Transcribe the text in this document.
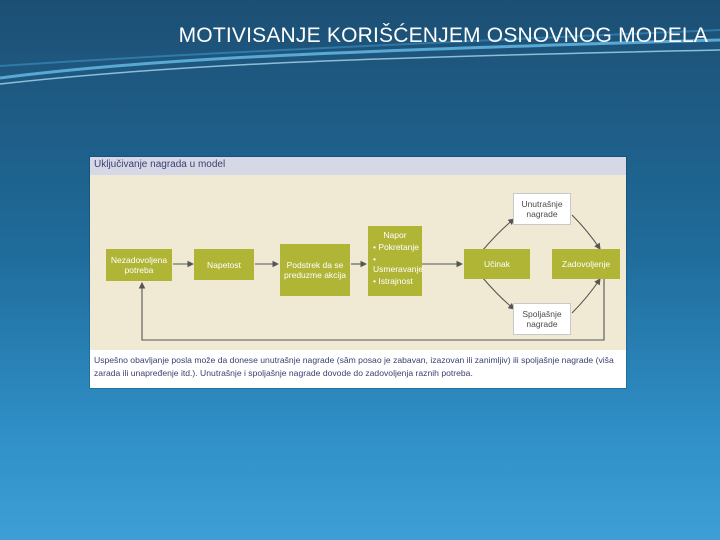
MOTIVISANJE KORIŠĆENJEM OSNOVNOG MODELA
Uključivanje nagrada u model
Nezadovoljena potreba
Napetost	Podstrek da se preduzme akcija
Napor
• Pokretanje
• Usmeravanje
• Istrajnost
Učinak
Unutrašnje nagrade
Spoljašnje nagrade
Zadovoljenje
Uspešno obavljanje posla može da donese unutrašnje nagrade (sâm posao je zabavan, izazovan ili zanimljiv) ili spoljašnje nagrade (viša zarada ili unapređenje itd.). Unutrašnje i spoljašnje nagrade dovode do zadovoljenja raznih potreba.
